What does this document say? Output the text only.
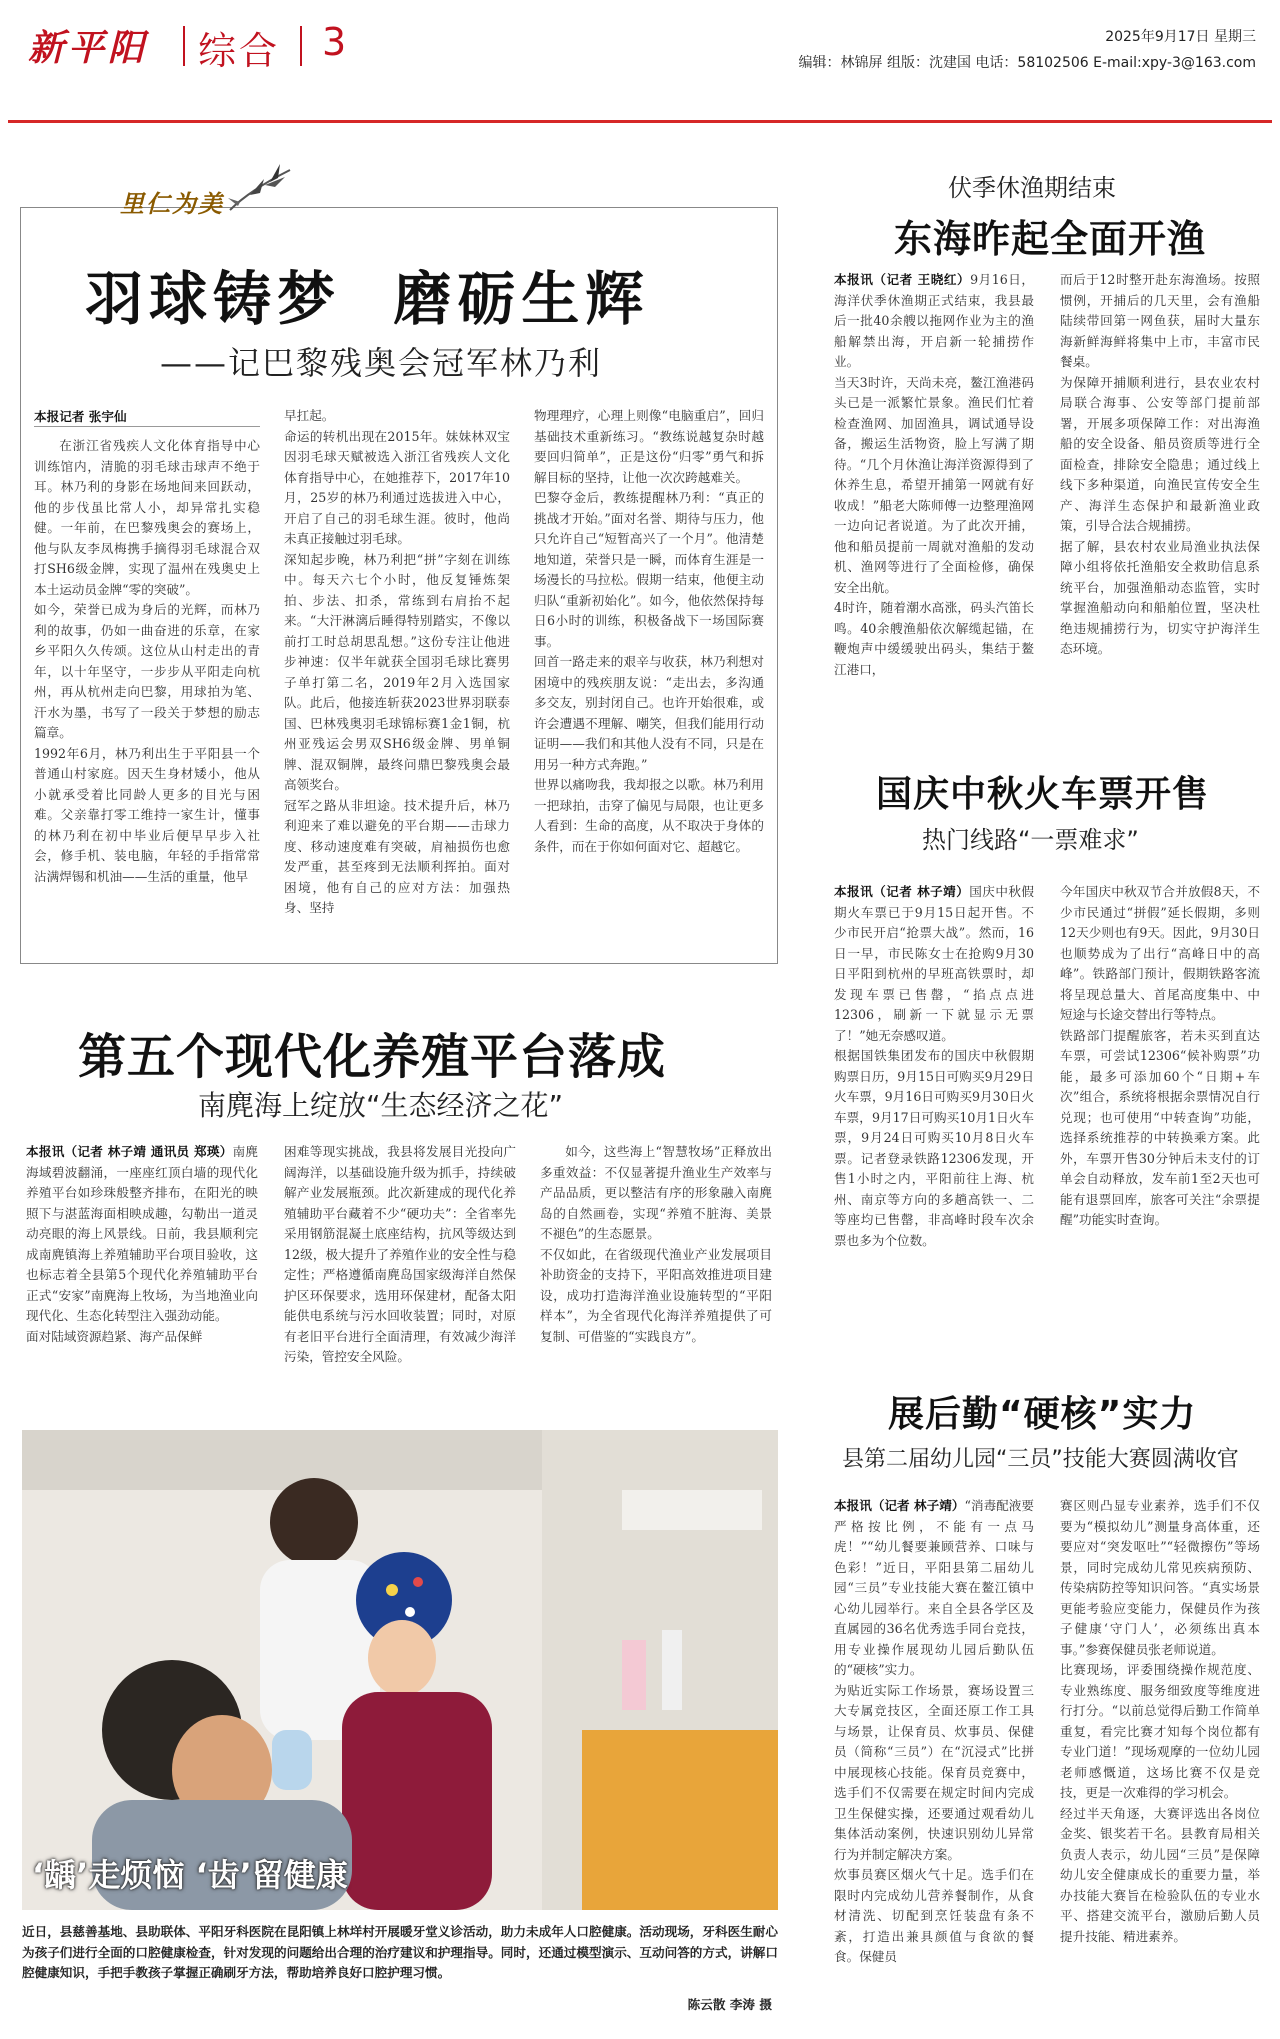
新平阳 综合 3	2025年9月17日 星期三
编辑：林锦屏 组版：沈建国 电话：58102506 E-mail:xpy-3@163.com
里仁为美
羽球铸梦  磨砺生辉
——记巴黎残奥会冠军林乃利
本报记者 张宇仙
在浙江省残疾人文化体育指导中心训练馆内，清脆的羽毛球击球声不绝于耳。林乃利的身影在场地间来回跃动，他的步伐虽比常人小，却异常扎实稳健。一年前，在巴黎残奥会的赛场上，他与队友李凤梅携手摘得羽毛球混合双打SH6级金牌，实现了温州在残奥史上本土运动员金牌“零的突破”。
如今，荣誉已成为身后的光辉，而林乃利的故事，仍如一曲奋进的乐章，在家乡平阳久久传颂。这位从山村走出的青年，以十年坚守，一步步从平阳走向杭州，再从杭州走向巴黎，用球拍为笔、汗水为墨，书写了一段关于梦想的励志篇章。
1992年6月，林乃利出生于平阳县一个普通山村家庭。因天生身材矮小，他从小就承受着比同龄人更多的目光与困难。父亲靠打零工维持一家生计，懂事的林乃利在初中毕业后便早早步入社会，修手机、装电脑，年轻的手指常常沾满焊锡和机油——生活的重量，他早
早扛起。
命运的转机出现在2015年。妹妹林双宝因羽毛球天赋被选入浙江省残疾人文化体育指导中心，在她推荐下，2017年10月，25岁的林乃利通过选拔进入中心，开启了自己的羽毛球生涯。彼时，他尚未真正接触过羽毛球。
深知起步晚，林乃利把“拼”字刻在训练中。每天六七个小时，他反复锤炼架拍、步法、扣杀，常练到右肩抬不起来。“大汗淋漓后睡得特别踏实，不像以前打工时总胡思乱想。”这份专注让他进步神速：仅半年就获全国羽毛球比赛男子单打第二名，2019年2月入选国家队。此后，他接连斩获2023世界羽联泰国、巴林残奥羽毛球锦标赛1金1铜，杭州亚残运会男双SH6级金牌、男单铜牌、混双铜牌，最终问鼎巴黎残奥会最高领奖台。
冠军之路从非坦途。技术提升后，林乃利迎来了难以避免的平台期——击球力度、移动速度难有突破，肩袖损伤也愈发严重，甚至疼到无法顺利挥拍。面对困境，他有自己的应对方法：加强热身、坚持
物理理疗，心理上则像“电脑重启”，回归基础技术重新练习。“教练说越复杂时越要回归简单”，正是这份“归零”勇气和拆解目标的坚持，让他一次次跨越难关。
巴黎夺金后，教练提醒林乃利：“真正的挑战才开始。”面对名誉、期待与压力，他只允许自己“短暂高兴了一个月”。他清楚地知道，荣誉只是一瞬，而体育生涯是一场漫长的马拉松。假期一结束，他便主动归队“重新初始化”。如今，他依然保持每日6小时的训练，积极备战下一场国际赛事。
回首一路走来的艰辛与收获，林乃利想对困境中的残疾朋友说：“走出去，多沟通多交友，别封闭自己。也许开始很难，或许会遭遇不理解、嘲笑，但我们能用行动证明——我们和其他人没有不同，只是在用另一种方式奔跑。”
世界以痛吻我，我却报之以歌。林乃利用一把球拍，击穿了偏见与局限，也让更多人看到：生命的高度，从不取决于身体的条件，而在于你如何面对它、超越它。
伏季休渔期结束
东海昨起全面开渔
本报讯（记者 王晓红）9月16日，海洋伏季休渔期正式结束，我县最后一批40余艘以拖网作业为主的渔船解禁出海，开启新一轮捕捞作业。
当天3时许，天尚未亮，鳌江渔港码头已是一派繁忙景象。渔民们忙着检查渔网、加固渔具，调试通导设备，搬运生活物资，脸上写满了期待。“几个月休渔让海洋资源得到了休养生息，希望开捕第一网就有好收成！”船老大陈师傅一边整理渔网一边向记者说道。为了此次开捕，他和船员提前一周就对渔船的发动机、渔网等进行了全面检修，确保安全出航。
4时许，随着潮水高涨，码头汽笛长鸣。40余艘渔船依次解缆起锚，在鞭炮声中缓缓驶出码头，集结于鳌江港口，
而后于12时整开赴东海渔场。按照惯例，开捕后的几天里，会有渔船陆续带回第一网鱼获，届时大量东海新鲜海鲜将集中上市，丰富市民餐桌。
为保障开捕顺利进行，县农业农村局联合海事、公安等部门提前部署，开展多项保障工作：对出海渔船的安全设备、船员资质等进行全面检查，排除安全隐患；通过线上线下多种渠道，向渔民宣传安全生产、海洋生态保护和最新渔业政策，引导合法合规捕捞。
据了解，县农村农业局渔业执法保障小组将依托渔船安全救助信息系统平台，加强渔船动态监管，实时掌握渔船动向和船舶位置，坚决杜绝违规捕捞行为，切实守护海洋生态环境。
国庆中秋火车票开售
热门线路“一票难求”
本报讯（记者 林子靖）国庆中秋假期火车票已于9月15日起开售。不少市民开启“抢票大战”。然而，16日一早，市民陈女士在抢购9月30日平阳到杭州的早班高铁票时，却发现车票已售罄，“掐点点进12306，刷新一下就显示无票了！”她无奈感叹道。
根据国铁集团发布的国庆中秋假期购票日历，9月15日可购买9月29日火车票，9月16日可购买9月30日火车票，9月17日可购买10月1日火车票，9月24日可购买10月8日火车票。记者登录铁路12306发现，开售1小时之内，平阳前往上海、杭州、南京等方向的多趟高铁一、二等座均已售罄，非高峰时段车次余票也多为个位数。
今年国庆中秋双节合并放假8天，不少市民通过“拼假”延长假期，多则12天少则也有9天。因此，9月30日也顺势成为了出行“高峰日中的高峰”。铁路部门预计，假期铁路客流将呈现总量大、首尾高度集中、中短途与长途交替出行等特点。
铁路部门提醒旅客，若未买到直达车票，可尝试12306“候补购票”功能，最多可添加60个“日期+车次”组合，系统将根据余票情况自行兑现；也可使用“中转查询”功能，选择系统推荐的中转换乘方案。此外，车票开售30分钟后未支付的订单会自动释放，发车前1至2天也可能有退票回库，旅客可关注“余票提醒”功能实时查询。
第五个现代化养殖平台落成
南麂海上绽放“生态经济之花”
本报讯（记者 林子靖 通讯员 郑瑛）南麂海域碧波翻涌，一座座红顶白墙的现代化养殖平台如珍珠般整齐排布，在阳光的映照下与湛蓝海面相映成趣，勾勒出一道灵动亮眼的海上风景线。日前，我县顺利完成南麂镇海上养殖辅助平台项目验收，这也标志着全县第5个现代化养殖辅助平台正式“安家”南麂海上牧场，为当地渔业向现代化、生态化转型注入强劲动能。
面对陆域资源趋紧、海产品保鲜
困难等现实挑战，我县将发展目光投向广阔海洋，以基础设施升级为抓手，持续破解产业发展瓶颈。此次新建成的现代化养殖辅助平台藏着不少“硬功夫”：全省率先采用钢筋混凝土底座结构，抗风等级达到12级，极大提升了养殖作业的安全性与稳定性；严格遵循南麂岛国家级海洋自然保护区环保要求，选用环保建材，配备太阳能供电系统与污水回收装置；同时，对原有老旧平台进行全面清理，有效减少海洋污染，管控安全风险。
如今，这些海上“智慧牧场”正释放出多重效益：不仅显著提升渔业生产效率与产品品质，更以整洁有序的形象融入南麂岛的自然画卷，实现“养殖不脏海、美景不褪色”的生态愿景。
不仅如此，在省级现代渔业产业发展项目补助资金的支持下，平阳高效推进项目建设，成功打造海洋渔业设施转型的“平阳样本”，为全省现代化海洋养殖提供了可复制、可借鉴的“实践良方”。
‘龋’走烦恼 ‘齿’留健康
近日，县慈善基地、县助联体、平阳牙科医院在昆阳镇上林垟村开展暖牙堂义诊活动，助力未成年人口腔健康。活动现场，牙科医生耐心为孩子们进行全面的口腔健康检查，针对发现的问题给出合理的治疗建议和护理指导。同时，还通过模型演示、互动问答的方式，讲解口腔健康知识，手把手教孩子掌握正确刷牙方法，帮助培养良好口腔护理习惯。
陈云散 李涛 摄
展后勤“硬核”实力
县第二届幼儿园“三员”技能大赛圆满收官
本报讯（记者 林子靖）“消毒配液要严格按比例，不能有一点马虎！”“幼儿餐要兼顾营养、口味与色彩！”近日，平阳县第二届幼儿园“三员”专业技能大赛在鳌江镇中心幼儿园举行。来自全县各学区及直属园的36名优秀选手同台竞技，用专业操作展现幼儿园后勤队伍的“硬核”实力。
为贴近实际工作场景，赛场设置三大专属竞技区，全面还原工作工具与场景，让保育员、炊事员、保健员（简称“三员”）在“沉浸式”比拼中展现核心技能。保育员竞赛中，选手们不仅需要在规定时间内完成卫生保健实操，还要通过观看幼儿集体活动案例，快速识别幼儿异常行为并制定解决方案。
炊事员赛区烟火气十足。选手们在限时内完成幼儿营养餐制作，从食材清洗、切配到烹饪装盘有条不紊，打造出兼具颜值与食欲的餐食。保健员
赛区则凸显专业素养，选手们不仅要为“模拟幼儿”测量身高体重，还要应对“突发呕吐”“轻微擦伤”等场景，同时完成幼儿常见疾病预防、传染病防控等知识问答。“真实场景更能考验应变能力，保健员作为孩子健康‘守门人’，必须练出真本事。”参赛保健员张老师说道。
比赛现场，评委围绕操作规范度、专业熟练度、服务细致度等维度进行打分。“以前总觉得后勤工作简单重复，看完比赛才知每个岗位都有专业门道！”现场观摩的一位幼儿园老师感慨道，这场比赛不仅是竞技，更是一次难得的学习机会。
经过半天角逐，大赛评选出各岗位金奖、银奖若干名。县教育局相关负责人表示，幼儿园“三员”是保障幼儿安全健康成长的重要力量，举办技能大赛旨在检验队伍的专业水平、搭建交流平台，激励后勤人员提升技能、精进素养。
